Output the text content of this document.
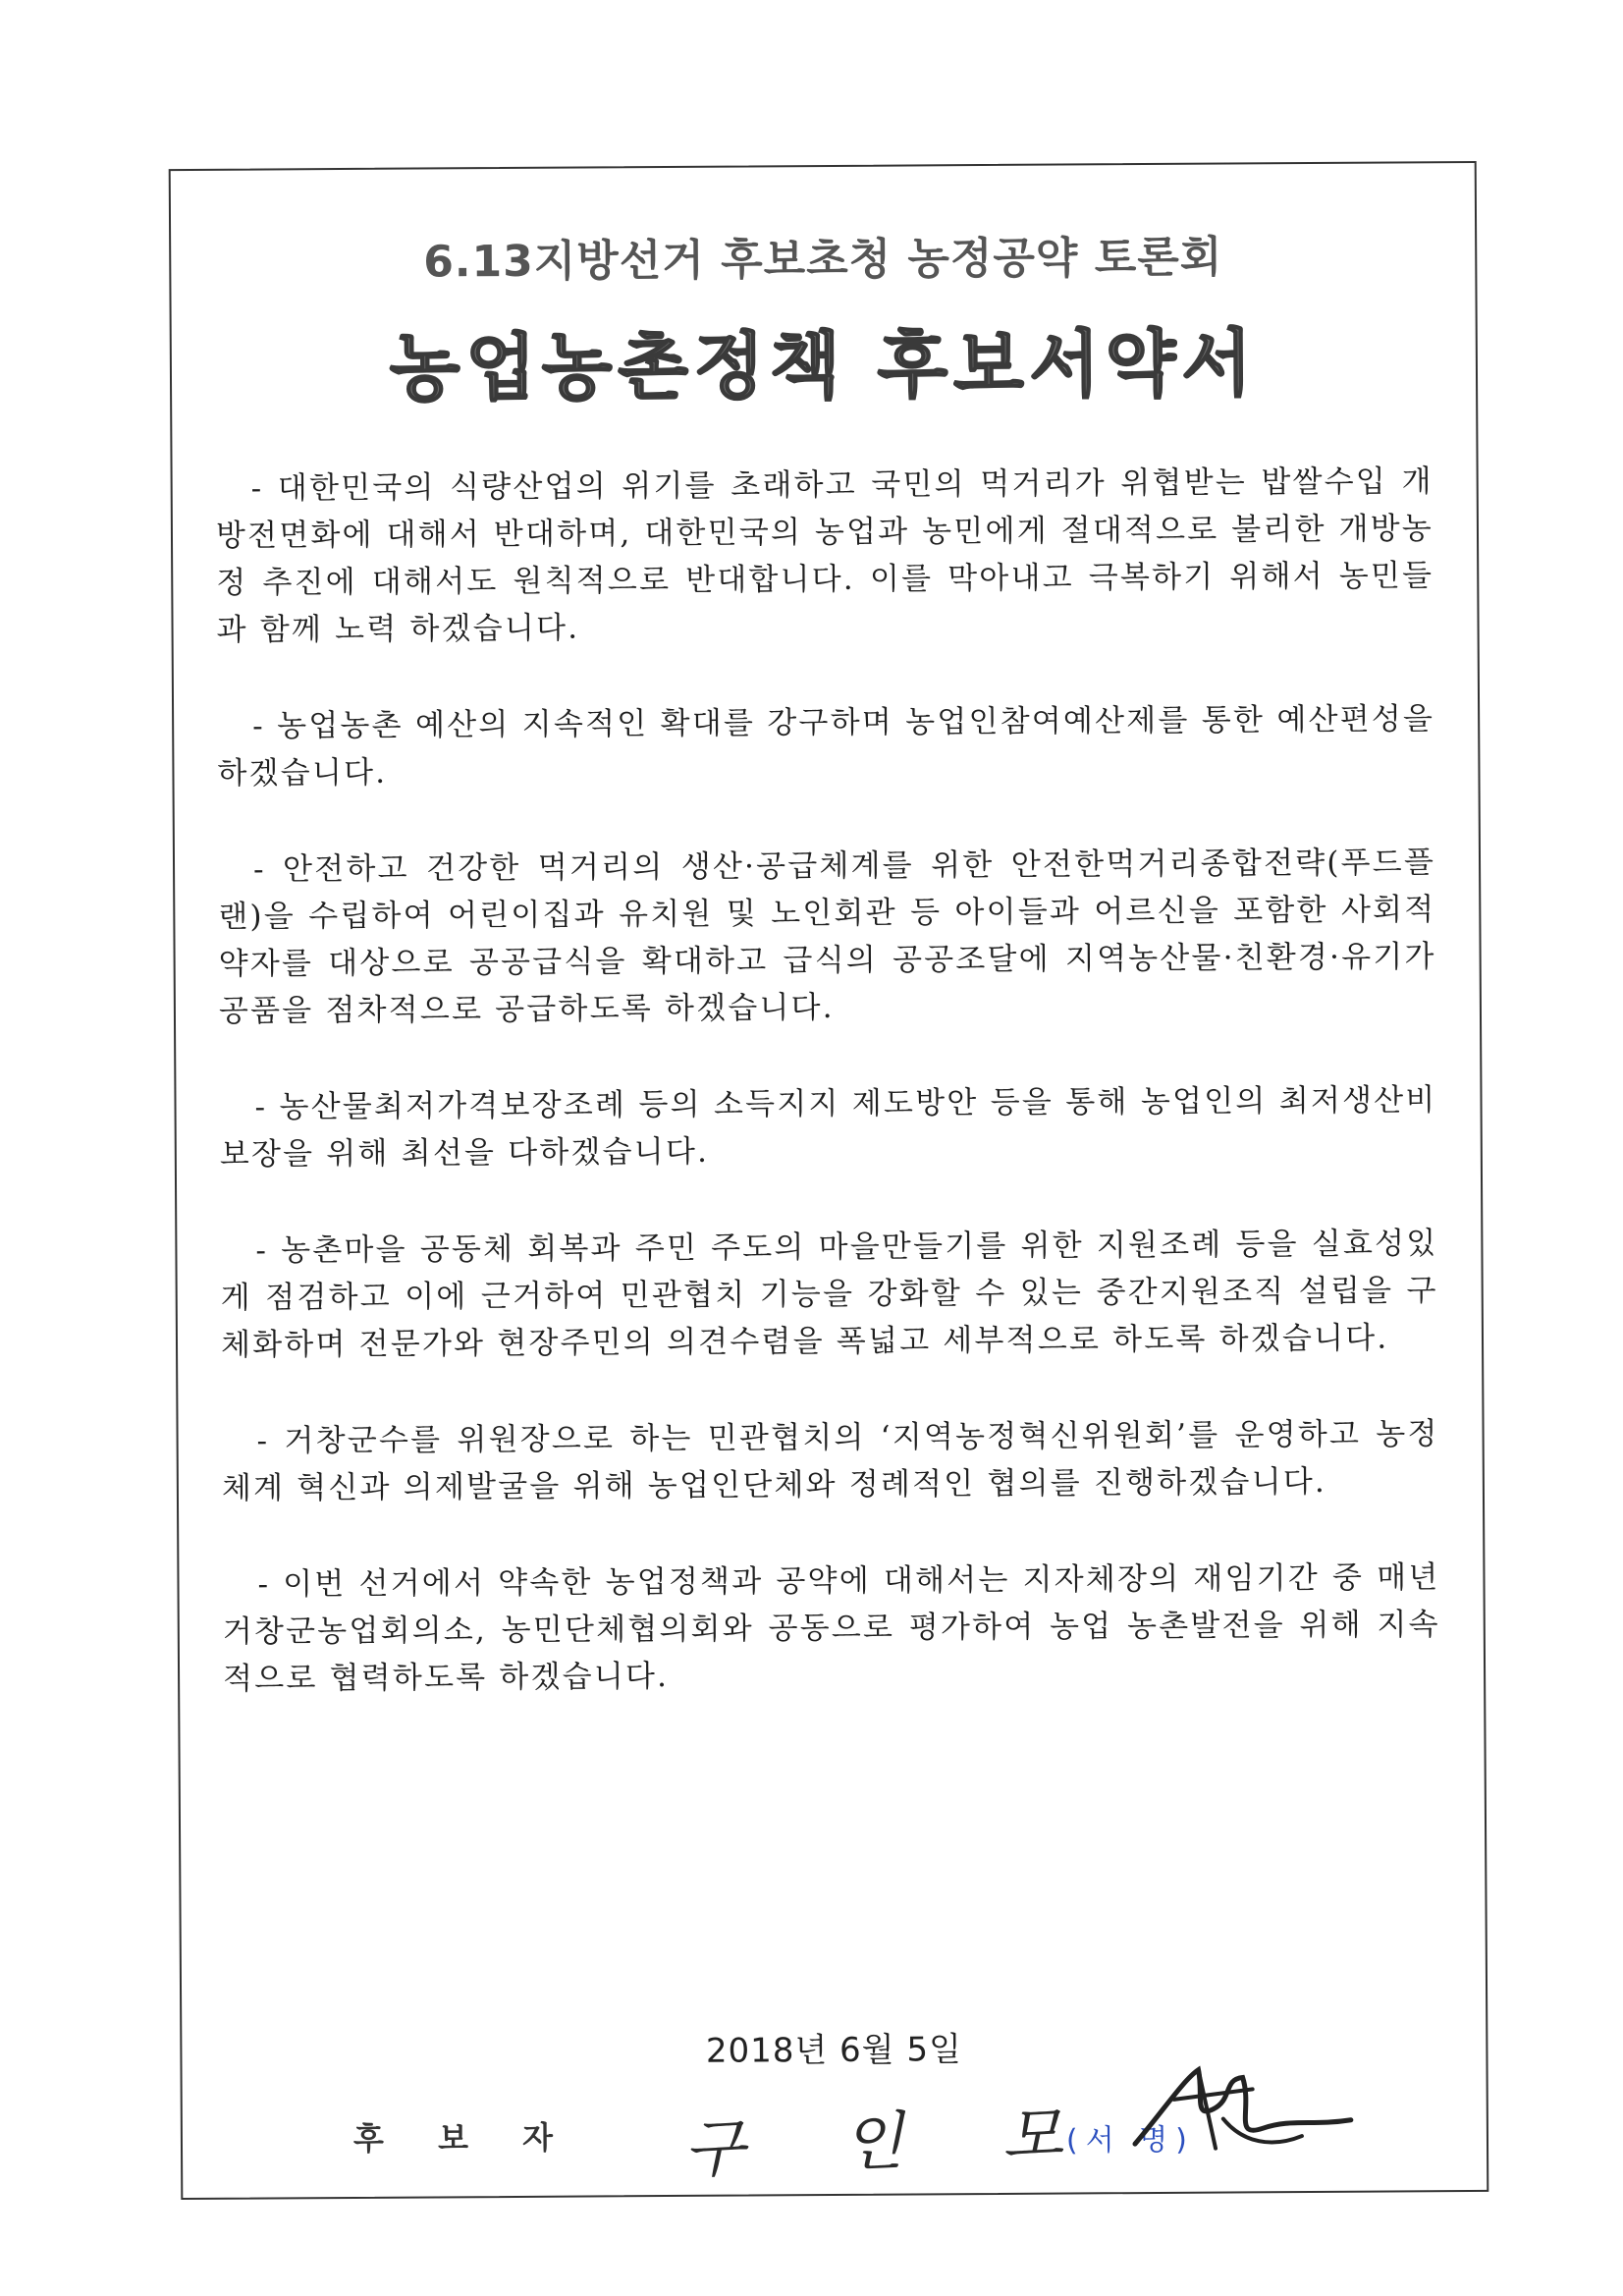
6.13지방선거 후보초청 농정공약 토론회

농업농촌정책 후보서약서

- 대한민국의 식량산업의 위기를 초래하고 국민의 먹거리가 위협받는 밥쌀수입 개방전면화에 대해서 반대하며, 대한민국의 농업과 농민에게 절대적으로 불리한 개방농정 추진에 대해서도 원칙적으로 반대합니다. 이를 막아내고 극복하기 위해서 농민들과 함께 노력 하겠습니다.

- 농업농촌 예산의 지속적인 확대를 강구하며 농업인참여예산제를 통한 예산편성을 하겠습니다.

- 안전하고 건강한 먹거리의 생산·공급체계를 위한 안전한먹거리종합전략(푸드플랜)을 수립하여 어린이집과 유치원 및 노인회관 등 아이들과 어르신을 포함한 사회적 약자를 대상으로 공공급식을 확대하고 급식의 공공조달에 지역농산물·친환경·유기가공품을 점차적으로 공급하도록 하겠습니다.

- 농산물최저가격보장조례 등의 소득지지 제도방안 등을 통해 농업인의 최저생산비보장을 위해 최선을 다하겠습니다.

- 농촌마을 공동체 회복과 주민 주도의 마을만들기를 위한 지원조례 등을 실효성있게 점검하고 이에 근거하여 민관협치 기능을 강화할 수 있는 중간지원조직 설립을 구체화하며 전문가와 현장주민의 의견수렴을 폭넓고 세부적으로 하도록 하겠습니다.

- 거창군수를 위원장으로 하는 민관협치의 ‘지역농정혁신위원회’를 운영하고 농정체계 혁신과 의제발굴을 위해 농업인단체와 정례적인 협의를 진행하겠습니다.

- 이번 선거에서 약속한 농업정책과 공약에 대해서는 지자체장의 재임기간 중 매년 거창군농업회의소, 농민단체협의회와 공동으로 평가하여 농업 농촌발전을 위해 지속적으로 협력하도록 하겠습니다.

2018년 6월 5일
후 보 자 구 인 모
(서 명)
